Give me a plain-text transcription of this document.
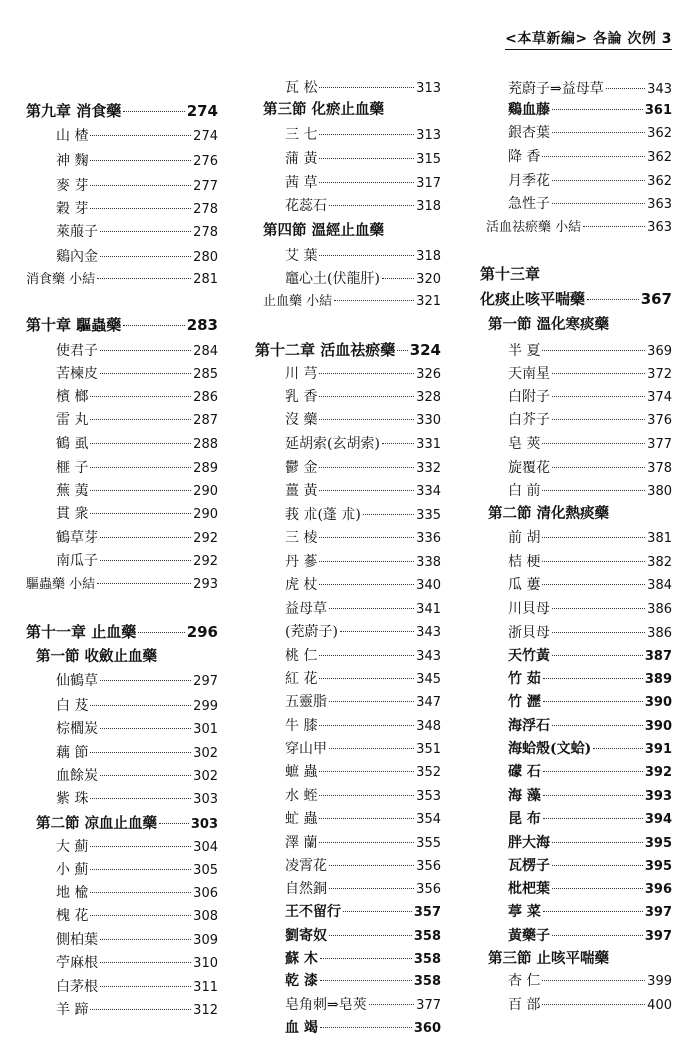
<本草新編> 各論 次例 3
第九章 消食藥	274
山 楂	274
神 麴	276
麥 芽	277
穀 芽	278
萊菔子	278
鷄內金	280
消食藥 小結	281
第十章 驅蟲藥	283
使君子	284
苦楝皮	285
檳 榔	286
雷 丸	287
鶴 虱	288
榧 子	289
蕪 荑	290
貫 衆	290
鶴草芽	292
南瓜子	292
驅蟲藥 小結	293
第十一章 止血藥	296
第一節 收斂止血藥
仙鶴草	297
白 芨	299
棕櫚炭	301
藕 節	302
血餘炭	302
紫 珠	303
第二節 凉血止血藥	303
大 薊	304
小 薊	305
地 楡	306
槐 花	308
側柏葉	309
苧麻根	310
白茅根	311
羊 蹄	312
瓦 松	313
第三節 化瘀止血藥
三 七	313
蒲 黃	315
茜 草	317
花蕊石	318
第四節 溫經止血藥
艾 葉	318
竈心土(伏龍肝)	320
止血藥 小結	321
第十二章 活血祛瘀藥 324
川 芎	326
乳 香	328
沒 藥	330
延胡索(玄胡索)	331
鬱 金	332
薑 黃	334
莪 朮(蓬 朮)	335
三 棱	336
丹 蔘	338
虎 杖	340
益母草	341
(茺蔚子)	343
桃 仁	343
紅 花	345
五靈脂	347
牛 膝	348
穿山甲	351
蟅 蟲	352
水 蛭	353
虻 蟲	354
澤 蘭	355
凌霄花	356
自然銅	356
王不留行	357
劉寄奴	358
蘇 木	358
乾 漆	358
皂角刺⇒皂莢	377
血 竭	360
茺蔚子⇒益母草	343
鷄血藤	361
銀杏葉	362
降 香	362
月季花	362
急性子	363
活血祛瘀藥 小結	363
第十三章
化痰止咳平喘藥	367
第一節 溫化寒痰藥
半 夏	369
天南星	372
白附子	374
白芥子	376
皂 莢	377
旋覆花	378
白 前	380
第二節 清化熱痰藥
前 胡	381
桔 梗	382
瓜 蔞	384
川貝母	386
浙貝母	386
天竹黃	387
竹 茹	389
竹 瀝	390
海浮石	390
海蛤殼(文蛤)	391
礞 石	392
海 藻	393
昆 布	394
胖大海	395
瓦楞子	395
枇杷葉	396
葶 菜	397
黃藥子	397
第三節 止咳平喘藥
杏 仁	399
百 部	400
